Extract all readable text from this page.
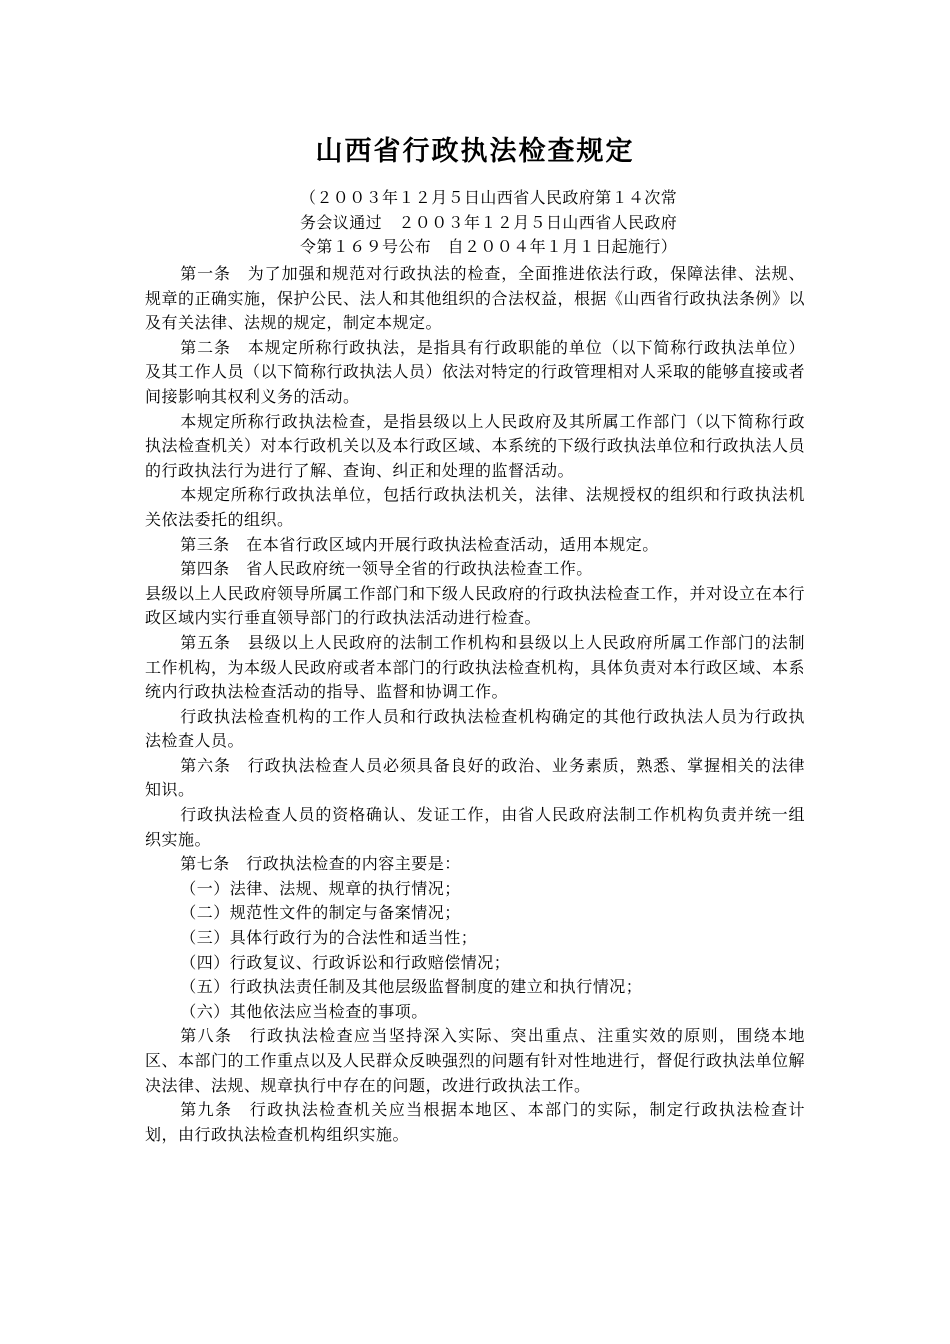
山西省行政执法检查规定
（２００３年１２月５日山西省人民政府第１４次常
务会议通过　２００３年１２月５日山西省人民政府
令第１６９号公布　自２００４年１月１日起施行）

第一条　为了加强和规范对行政执法的检查，全面推进依法行政，保障法律、法规、规章的正确实施，保护公民、法人和其他组织的合法权益，根据《山西省行政执法条例》以及有关法律、法规的规定，制定本规定。

第二条　本规定所称行政执法，是指具有行政职能的单位（以下简称行政执法单位）及其工作人员（以下简称行政执法人员）依法对特定的行政管理相对人采取的能够直接或者间接影响其权利义务的活动。

本规定所称行政执法检查，是指县级以上人民政府及其所属工作部门（以下简称行政执法检查机关）对本行政机关以及本行政区域、本系统的下级行政执法单位和行政执法人员的行政执法行为进行了解、查询、纠正和处理的监督活动。

本规定所称行政执法单位，包括行政执法机关，法律、法规授权的组织和行政执法机关依法委托的组织。

第三条　在本省行政区域内开展行政执法检查活动，适用本规定。

第四条　省人民政府统一领导全省的行政执法检查工作。

县级以上人民政府领导所属工作部门和下级人民政府的行政执法检查工作，并对设立在本行政区域内实行垂直领导部门的行政执法活动进行检查。

第五条　县级以上人民政府的法制工作机构和县级以上人民政府所属工作部门的法制工作机构，为本级人民政府或者本部门的行政执法检查机构，具体负责对本行政区域、本系统内行政执法检查活动的指导、监督和协调工作。

行政执法检查机构的工作人员和行政执法检查机构确定的其他行政执法人员为行政执法检查人员。

第六条　行政执法检查人员必须具备良好的政治、业务素质，熟悉、掌握相关的法律知识。

行政执法检查人员的资格确认、发证工作，由省人民政府法制工作机构负责并统一组织实施。

第七条　行政执法检查的内容主要是：

（一）法律、法规、规章的执行情况；

（二）规范性文件的制定与备案情况；

（三）具体行政行为的合法性和适当性；

（四）行政复议、行政诉讼和行政赔偿情况；

（五）行政执法责任制及其他层级监督制度的建立和执行情况；

（六）其他依法应当检查的事项。

第八条　行政执法检查应当坚持深入实际、突出重点、注重实效的原则，围绕本地区、本部门的工作重点以及人民群众反映强烈的问题有针对性地进行，督促行政执法单位解决法律、法规、规章执行中存在的问题，改进行政执法工作。

第九条　行政执法检查机关应当根据本地区、本部门的实际，制定行政执法检查计划，由行政执法检查机构组织实施。
